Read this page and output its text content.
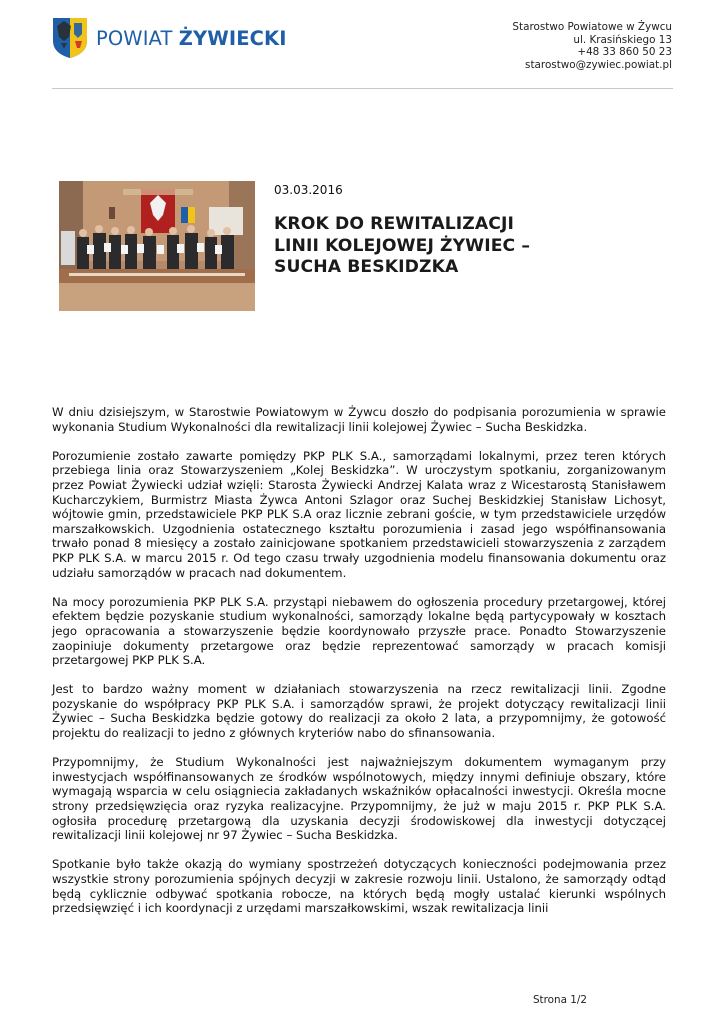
POWIAT ŻYWIECKI	Starostwo Powiatowe w Żywcu
ul. Krasińskiego 13
+48 33 860 50 23
starostwo@zywiec.powiat.pl
03.03.2016
KROK DO REWITALIZACJI
LINII KOLEJOWEJ ŻYWIEC –
SUCHA BESKIDZKA

W dniu dzisiejszym, w Starostwie Powiatowym w Żywcu doszło do podpisania porozumienia w sprawie wykonania Studium Wykonalności dla rewitalizacji linii kolejowej Żywiec – Sucha Beskidzka.

Porozumienie zostało zawarte pomiędzy PKP PLK S.A., samorządami lokalnymi, przez teren których przebiega linia oraz Stowarzyszeniem „Kolej Beskidzka”. W uroczystym spotkaniu, zorganizowanym przez Powiat Żywiecki udział wzięli: Starosta Żywiecki Andrzej Kalata wraz z Wicestarostą Stanisławem Kucharczykiem, Burmistrz Miasta Żywca Antoni Szlagor oraz Suchej Beskidzkiej Stanisław Lichosyt, wójtowie gmin, przedstawiciele PKP PLK S.A oraz licznie zebrani goście, w tym przedstawiciele urzędów marszałkowskich. Uzgodnienia ostatecznego kształtu porozumienia i zasad jego współfinansowania trwało ponad 8 miesięcy a zostało zainicjowane spotkaniem przedstawicieli stowarzyszenia z zarządem PKP PLK S.A. w marcu 2015 r. Od tego czasu trwały uzgodnienia modelu finansowania dokumentu oraz udziału samorządów w pracach nad dokumentem.

Na mocy porozumienia PKP PLK S.A. przystąpi niebawem do ogłoszenia procedury przetargowej, której efektem będzie pozyskanie studium wykonalności, samorządy lokalne będą partycypowały w kosztach jego opracowania a stowarzyszenie będzie koordynowało przyszłe prace. Ponadto Stowarzyszenie zaopiniuje dokumenty przetargowe oraz będzie reprezentować samorządy w pracach komisji przetargowej PKP PLK S.A.

Jest to bardzo ważny moment w działaniach stowarzyszenia na rzecz rewitalizacji linii. Zgodne pozyskanie do współpracy PKP PLK S.A. i samorządów sprawi, że projekt dotyczący rewitalizacji linii Żywiec – Sucha Beskidzka będzie gotowy do realizacji za około 2 lata, a przypomnijmy, że gotowość projektu do realizacji to jedno z głównych kryteriów nabo do sfinansowania.

Przypomnijmy, że Studium Wykonalności jest najważniejszym dokumentem wymaganym przy inwestycjach współfinansowanych ze środków wspólnotowych, między innymi definiuje obszary, które wymagają wsparcia w celu osiągniecia zakładanych wskaźników opłacalności inwestycji. Określa mocne strony przedsięwzięcia oraz ryzyka realizacyjne. Przypomnijmy, że już w maju 2015 r. PKP PLK S.A. ogłosiła procedurę przetargową dla uzyskania decyzji środowiskowej dla inwestycji dotyczącej rewitalizacji linii kolejowej nr 97 Żywiec – Sucha Beskidzka.

Spotkanie było także okazją do wymiany spostrzeżeń dotyczących konieczności podejmowania przez wszystkie strony porozumienia spójnych decyzji w zakresie rozwoju linii. Ustalono, że samorządy odtąd będą cyklicznie odbywać spotkania robocze, na których będą mogły ustalać kierunki wspólnych przedsięwzięć i ich koordynacji z urzędami marszałkowskimi, wszak rewitalizacja linii

Strona 1/2
